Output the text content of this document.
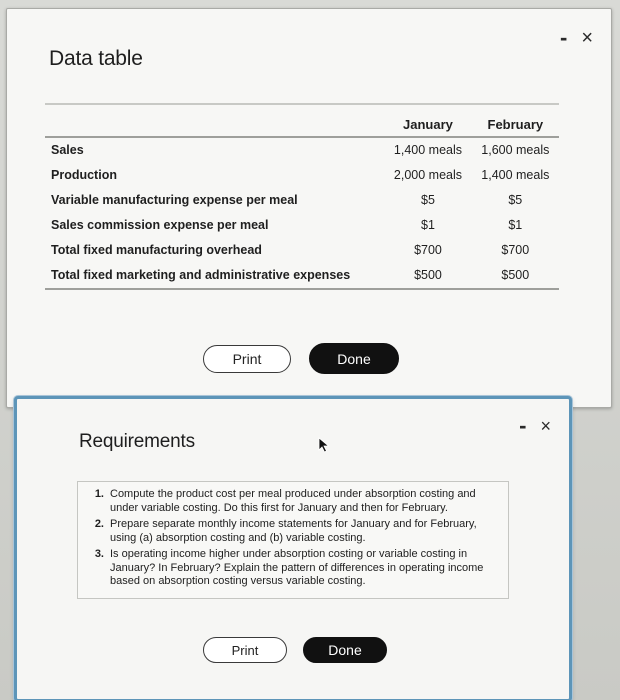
Data table
- ×
	January	February
Sales	1,400 meals	1,600 meals
Production	2,000 meals	1,400 meals
Variable manufacturing expense per meal	$5	$5
Sales commission expense per meal	$1	$1
Total fixed manufacturing overhead	$700	$700
Total fixed marketing and administrative expenses	$500	$500
Print	Done
Requirements
- ×
1. Compute the product cost per meal produced under absorption costing and under variable costing. Do this first for January and then for February.
2. Prepare separate monthly income statements for January and for February, using (a) absorption costing and (b) variable costing.
3. Is operating income higher under absorption costing or variable costing in January? In February? Explain the pattern of differences in operating income based on absorption costing versus variable costing.
Print	Done
